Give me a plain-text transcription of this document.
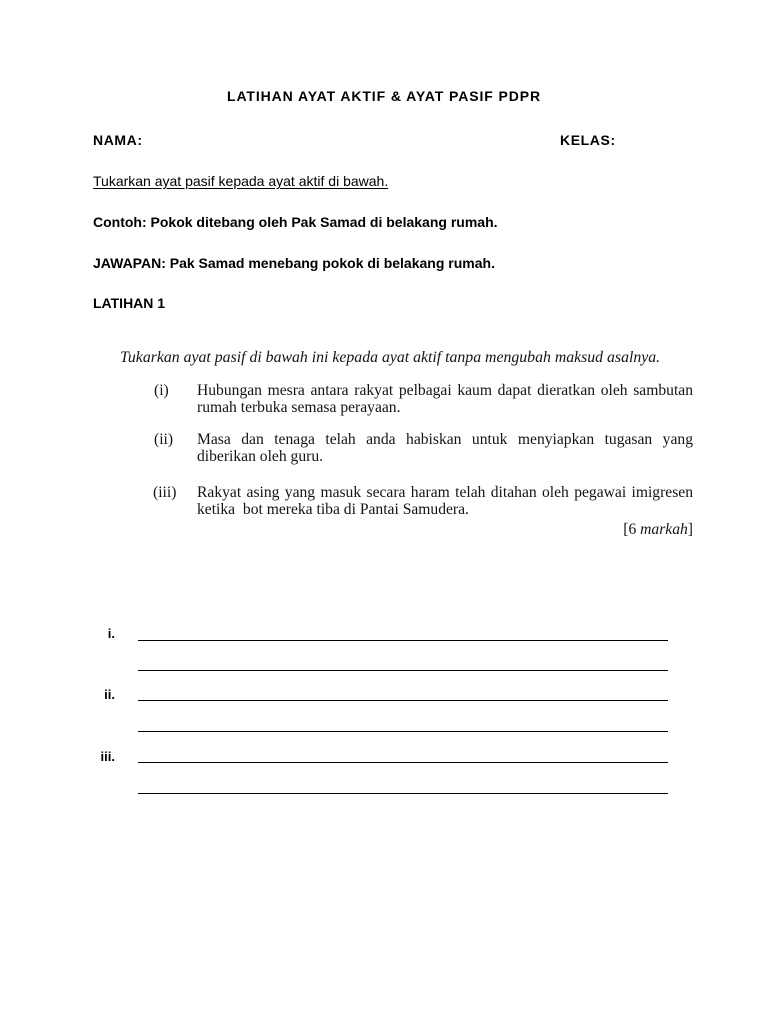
LATIHAN AYAT AKTIF & AYAT PASIF PDPR
NAMA:	KELAS:
Tukarkan ayat pasif kepada ayat aktif di bawah.
Contoh: Pokok ditebang oleh Pak Samad di belakang rumah.
JAWAPAN: Pak Samad menebang pokok di belakang rumah.
LATIHAN 1
Tukarkan ayat pasif di bawah ini kepada ayat aktif tanpa mengubah maksud asalnya.
(i) Hubungan mesra antara rakyat pelbagai kaum dapat dieratkan oleh sambutan
rumah terbuka semasa perayaan.
(ii) Masa dan tenaga telah anda habiskan untuk menyiapkan tugasan yang
diberikan oleh guru.
(iii) Rakyat asing yang masuk secara haram telah ditahan oleh pegawai imigresen
ketika  bot mereka tiba di Pantai Samudera.
[6 markah]
i.
ii.
iii.
